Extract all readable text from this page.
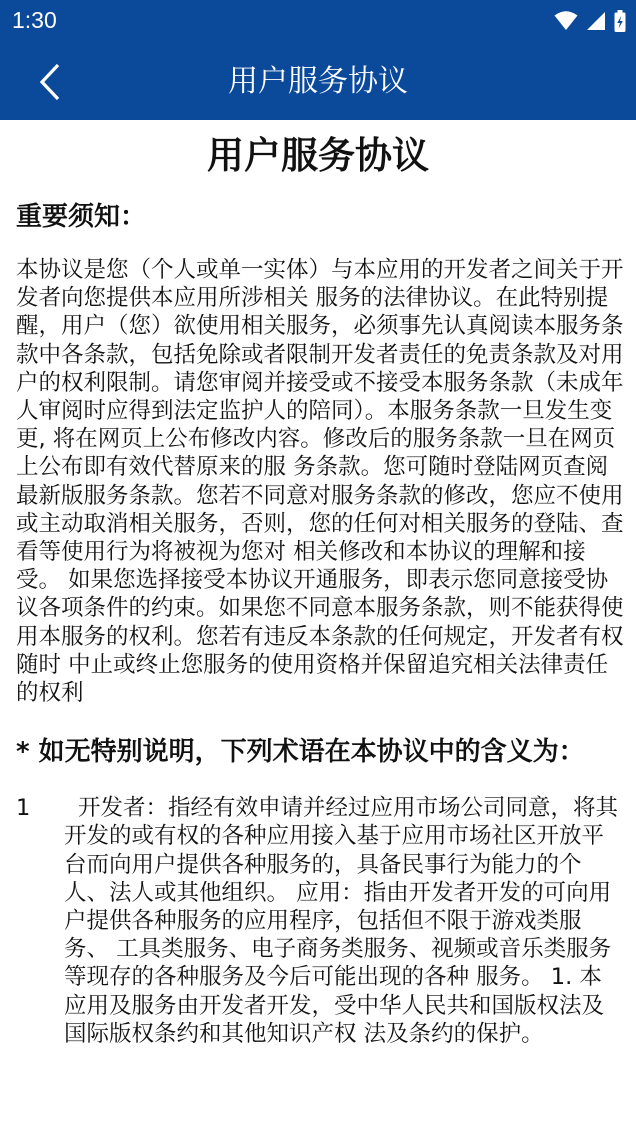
1:30
用户服务协议
用户服务协议
重要须知：
本协议是您（个人或单一实体）与本应用的开发者之间关于开发者向您提供本应用所涉相关 服务的法律协议。在此特别提醒，用户（您）欲使用相关服务，必须事先认真阅读本服务条款中各条款，包括免除或者限制开发者责任的免责条款及对用户的权利限制。请您审阅并接受或不接受本服务条款（未成年人审阅时应得到法定监护人的陪同）。本服务条款一旦发生变更, 将在网页上公布修改内容。修改后的服务条款一旦在网页上公布即有效代替原来的服 务条款。您可随时登陆网页查阅最新版服务条款。您若不同意对服务条款的修改，您应不使用或主动取消相关服务，否则，您的任何对相关服务的登陆、查看等使用行为将被视为您对 相关修改和本协议的理解和接受。 如果您选择接受本协议开通服务，即表示您同意接受协议各项条件的约束。如果您不同意本服务条款，则不能获得使用本服务的权利。您若有违反本条款的任何规定，开发者有权随时 中止或终止您服务的使用资格并保留追究相关法律责任的权利
* 如无特别说明，下列术语在本协议中的含义为：
1 开发者：指经有效申请并经过应用市场公司同意，将其开发的或有权的各种应用接入基于应用市场社区开放平台而向用户提供各种服务的，具备民事行为能力的个人、法人或其他组织。 应用：指由开发者开发的可向用户提供各种服务的应用程序，包括但不限于游戏类服务、 工具类服务、电子商务类服务、视频或音乐类服务等现存的各种服务及今后可能出现的各种 服务。 1. 本应用及服务由开发者开发，受中华人民共和国版权法及国际版权条约和其他知识产权 法及条约的保护。
